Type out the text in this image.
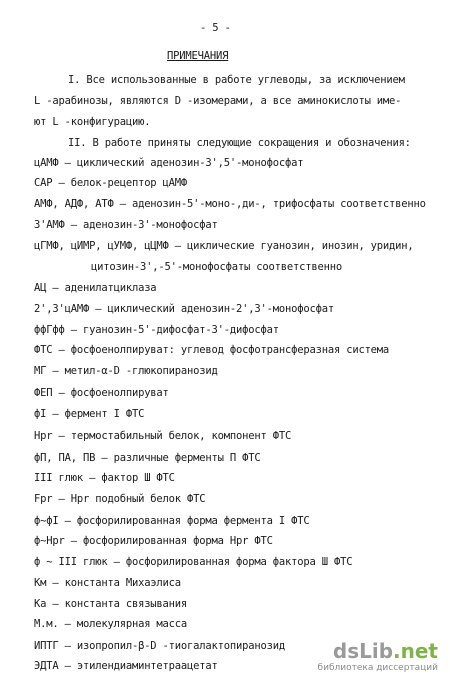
- 5 -
ПРИМЕЧАНИЯ
I. Все использованные в работе углеводы, за исключением
L -арабинозы, являются D -изомерами, а все аминокислоты име-
ют L -конфигурацию.
II. В работе приняты следующие сокращения и обозначения:
цАМФ – циклический аденозин-3',5'-монофосфат
САР – белок-рецептор цАМФ
АМФ, АДФ, АТФ – аденозин-5'-моно-,ди-, трифосфаты соответственно
3'АМФ – аденозин-3'-монофосфат
цГМФ, цИМР, цУМФ, цЦМФ – циклические гуанозин, инозин, уридин,
цитозин-3',-5'-монофосфаты соответственно
АЦ – аденилатциклаза
2',3'цАМФ – циклический аденозин-2',3'-монофосфат
ффГфф – гуанозин-5'-дифосфат-3'-дифосфат
ФТС – фосфоенолпируват: углевод фосфотрансферазная система
МГ – метил-α-D -глюкопиранозид
ФЕП – фосфоенолпируват
фI – фермент I ФТС
Hpr – термостабильный белок, компонент ФТС
фП, ПА, ПВ – различные ферменты П ФТС
III глюк – фактор Ш ФТС
Fpr – Hpr подобный белок ФТС
ф~фI – фосфорилированная форма фермента I ФТС
ф~Hpr – фосфорилированная форма Hpr ФТС
ф ~ III глюк – фосфорилированная форма фактора Ш ФТС
Kм – константа Михаэлиса
Kа – константа связывания
М.м. – молекулярная масса
ИПТГ – изопропил-β-D -тиогалактопиранозид
ЭДТА – этилендиаминтетраацетат
dsLib.net
библиотека диссертаций
